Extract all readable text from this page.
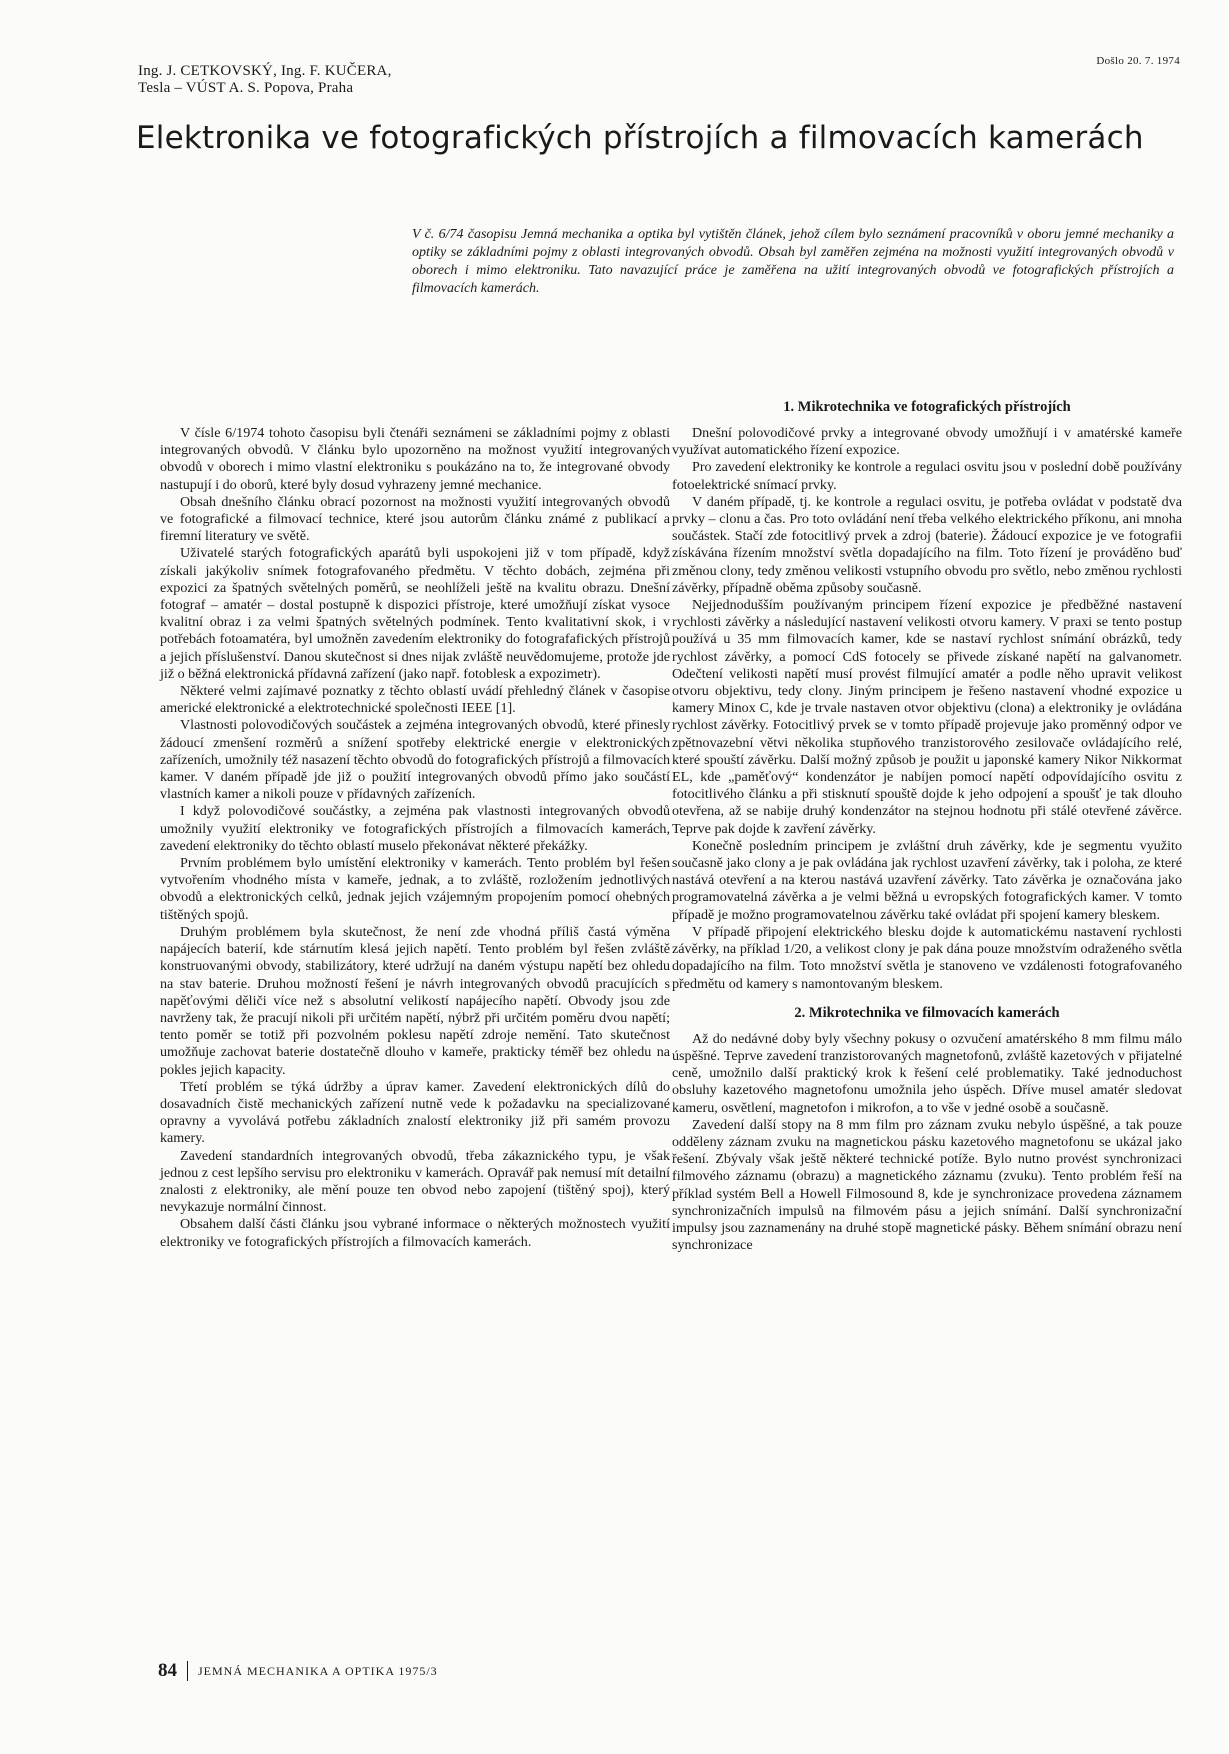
Ing. J. CETKOVSKÝ, Ing. F. KUČERA,
Tesla – VÚST A. S. Popova, Praha
Došlo 20. 7. 1974
Elektronika ve fotografických přístrojích a filmovacích kamerách

V č. 6/74 časopisu Jemná mechanika a optika byl vytištěn článek, jehož cílem bylo seznámení pracovníků v oboru jemné mechaniky a optiky se základními pojmy z oblasti integrovaných obvodů. Obsah byl zaměřen zejména na možnosti využití integrovaných obvodů v oborech i mimo elektroniku. Tato navazující práce je zaměřena na užití integrovaných obvodů ve fotografických přístrojích a filmovacích kamerách.

V čísle 6/1974 tohoto časopisu byli čtenáři seznámeni se základními pojmy z oblasti integrovaných obvodů. V článku bylo upozorněno na možnost využití integrovaných obvodů v oborech i mimo vlastní elektroniku s poukázáno na to, že integrované obvody nastupují i do oborů, které byly dosud vyhrazeny jemné mechanice.

Obsah dnešního článku obrací pozornost na možnosti využití integrovaných obvodů ve fotografické a filmovací technice, které jsou autorům článku známé z publikací a firemní literatury ve světě.

Uživatelé starých fotografických aparátů byli uspokojeni již v tom případě, když získali jakýkoliv snímek fotografovaného předmětu. V těchto dobách, zejména při expozici za špatných světelných poměrů, se neohlíželi ještě na kvalitu obrazu. Dnešní fotograf – amatér – dostal postupně k dispozici přístroje, které umožňují získat vysoce kvalitní obraz i za velmi špatných světelných podmínek. Tento kvalitativní skok, i v potřebách fotoamatéra, byl umožněn zavedením elektroniky do fotografafických přístrojů a jejich příslušenství. Danou skutečnost si dnes nijak zvláště neuvědomujeme, protože jde již o běžná elektronická přídavná zařízení (jako např. fotoblesk a expozimetr).

Některé velmi zajímavé poznatky z těchto oblastí uvádí přehledný článek v časopise americké elektronické a elektrotechnické společnosti IEEE [1].

Vlastnosti polovodičových součástek a zejména integrovaných obvodů, které přinesly žádoucí zmenšení rozměrů a snížení spotřeby elektrické energie v elektronických zařízeních, umožnily též nasazení těchto obvodů do fotografických přístrojů a filmovacích kamer. V daném případě jde již o použití integrovaných obvodů přímo jako součástí vlastních kamer a nikoli pouze v přídavných zařízeních.

I když polovodičové součástky, a zejména pak vlastnosti integrovaných obvodů umožnily využití elektroniky ve fotografických přístrojích a filmovacích kamerách, zavedení elektroniky do těchto oblastí muselo překonávat některé překážky.

Prvním problémem bylo umístění elektroniky v kamerách. Tento problém byl řešen vytvořením vhodného místa v kameře, jednak, a to zvláště, rozložením jednotlivých obvodů a elektronických celků, jednak jejich vzájemným propojením pomocí ohebných tištěných spojů.

Druhým problémem byla skutečnost, že není zde vhodná příliš častá výměna napájecích baterií, kde stárnutím klesá jejich napětí. Tento problém byl řešen zvláště konstruovanými obvody, stabilizátory, které udržují na daném výstupu napětí bez ohledu na stav baterie. Druhou možností řešení je návrh integrovaných obvodů pracujících s napěťovými děliči více než s absolutní velikostí napájecího napětí. Obvody jsou zde navrženy tak, že pracují nikoli při určitém napětí, nýbrž při určitém poměru dvou napětí; tento poměr se totiž při pozvolném poklesu napětí zdroje nemění. Tato skutečnost umožňuje zachovat baterie dostatečně dlouho v kameře, prakticky téměř bez ohledu na pokles jejich kapacity.

Třetí problém se týká údržby a úprav kamer. Zavedení elektronických dílů do dosavadních čistě mechanických zařízení nutně vede k požadavku na specializované opravny a vyvolává potřebu základních znalostí elektroniky již při samém provozu kamery.

Zavedení standardních integrovaných obvodů, třeba zákaznického typu, je však jednou z cest lepšího servisu pro elektroniku v kamerách. Opravář pak nemusí mít detailní znalosti z elektroniky, ale mění pouze ten obvod nebo zapojení (tištěný spoj), který nevykazuje normální činnost.

Obsahem další části článku jsou vybrané informace o některých možnostech využití elektroniky ve fotografických přístrojích a filmovacích kamerách.

1. Mikrotechnika ve fotografických přístrojích

Dnešní polovodičové prvky a integrované obvody umožňují i v amatérské kameře využívat automatického řízení expozice.

Pro zavedení elektroniky ke kontrole a regulaci osvitu jsou v poslední době používány fotoelektrické snímací prvky.

V daném případě, tj. ke kontrole a regulaci osvitu, je potřeba ovládat v podstatě dva prvky – clonu a čas. Pro toto ovládání není třeba velkého elektrického příkonu, ani mnoha součástek. Stačí zde fotocitlivý prvek a zdroj (baterie). Žádoucí expozice je ve fotografii získávána řízením množství světla dopadajícího na film. Toto řízení je prováděno buď změnou clony, tedy změnou velikosti vstupního obvodu pro světlo, nebo změnou rychlosti závěrky, případně oběma způsoby současně.

Nejjednodušším používaným principem řízení expozice je předběžné nastavení rychlosti závěrky a následující nastavení velikosti otvoru kamery. V praxi se tento postup používá u 35 mm filmovacích kamer, kde se nastaví rychlost snímání obrázků, tedy rychlost závěrky, a pomocí CdS fotocely se přivede získané napětí na galvanometr. Odečtení velikosti napětí musí provést filmující amatér a podle něho upravit velikost otvoru objektivu, tedy clony. Jiným principem je řešeno nastavení vhodné expozice u kamery Minox C, kde je trvale nastaven otvor objektivu (clona) a elektroniky je ovládána rychlost závěrky. Fotocitlivý prvek se v tomto případě projevuje jako proměnný odpor ve zpětnovazební větvi několika stupňového tranzistorového zesilovače ovládajícího relé, které spouští závěrku. Další možný způsob je použit u japonské kamery Nikor Nikkormat EL, kde „paměťový“ kondenzátor je nabíjen pomocí napětí odpovídajícího osvitu z fotocitlivého článku a při stisknutí spouště dojde k jeho odpojení a spoušť je tak dlouho otevřena, až se nabije druhý kondenzátor na stejnou hodnotu při stálé otevřené závěrce. Teprve pak dojde k zavření závěrky.

Konečně posledním principem je zvláštní druh závěrky, kde je segmentu využito současně jako clony a je pak ovládána jak rychlost uzavření závěrky, tak i poloha, ze které nastává otevření a na kterou nastává uzavření závěrky. Tato závěrka je označována jako programovatelná závěrka a je velmi běžná u evropských fotografických kamer. V tomto případě je možno programovatelnou závěrku také ovládat při spojení kamery bleskem.

V případě připojení elektrického blesku dojde k automatickému nastavení rychlosti závěrky, na příklad 1/20, a velikost clony je pak dána pouze množstvím odraženého světla dopadajícího na film. Toto množství světla je stanoveno ve vzdálenosti fotografovaného předmětu od kamery s namontovaným bleskem.

2. Mikrotechnika ve filmovacích kamerách

Až do nedávné doby byly všechny pokusy o ozvučení amatérského 8 mm filmu málo úspěšné. Teprve zavedení tranzistorovaných magnetofonů, zvláště kazetových v přijatelné ceně, umožnilo další praktický krok k řešení celé problematiky. Také jednoduchost obsluhy kazetového magnetofonu umožnila jeho úspěch. Dříve musel amatér sledovat kameru, osvětlení, magnetofon i mikrofon, a to vše v jedné osobě a současně.

Zavedení další stopy na 8 mm film pro záznam zvuku nebylo úspěšné, a tak pouze odděleny záznam zvuku na magnetickou pásku kazetového magnetofonu se ukázal jako řešení. Zbývaly však ještě některé technické potíže. Bylo nutno provést synchronizaci filmového záznamu (obrazu) a magnetického záznamu (zvuku). Tento problém řeší na příklad systém Bell a Howell Filmosound 8, kde je synchronizace provedena záznamem synchronizačních impulsů na filmovém pásu a jejich snímání. Další synchronizační impulsy jsou zaznamenány na druhé stopě magnetické pásky. Během snímání obrazu není synchronizace

84 JEMNÁ MECHANIKA A OPTIKA 1975/3
